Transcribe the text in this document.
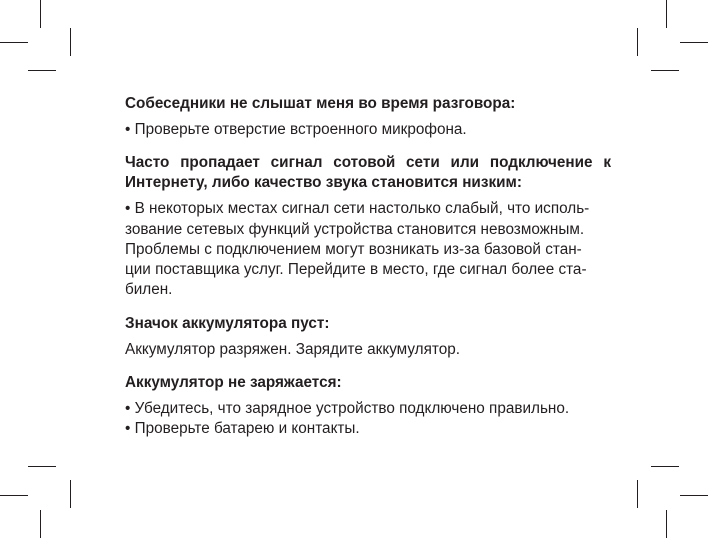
Собеседники не слышат меня во время разговора:

• Проверьте отверстие встроенного микрофона.

Часто пропадает сигнал сотовой сети или подключение к

Интернету, либо качество звука становится низким:

• В некоторых местах сигнал сети настолько слабый, что исполь-

зование сетевых функций устройства становится невозможным.

Проблемы с подключением могут возникать из-за базовой стан-

ции поставщика услуг. Перейдите в место, где сигнал более ста-

билен.

Значок аккумулятора пуст:

Аккумулятор разряжен. Зарядите аккумулятор.

Аккумулятор не заряжается:

• Убедитесь, что зарядное устройство подключено правильно.

• Проверьте батарею и контакты.
